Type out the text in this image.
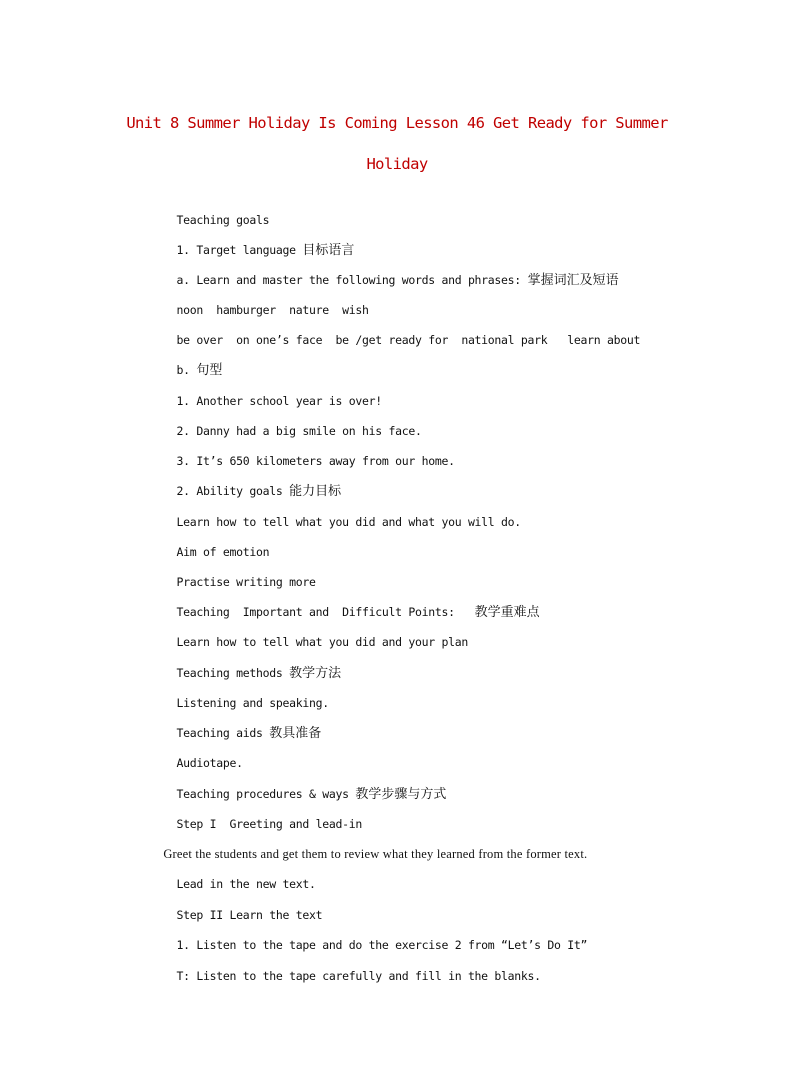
Unit 8 Summer Holiday Is Coming Lesson 46 Get Ready for Summer
Holiday

Teaching goals

1. Target language 目标语言

a. Learn and master the following words and phrases: 掌握词汇及短语

noon  hamburger  nature  wish

be over  on one’s face  be /get ready for  national park   learn about

b. 句型

1. Another school year is over!

2. Danny had a big smile on his face.

3. It’s 650 kilometers away from our home.

2. Ability goals 能力目标

Learn how to tell what you did and what you will do.

Aim of emotion

Practise writing more

Teaching  Important and  Difficult Points:   教学重难点

Learn how to tell what you did and your plan

Teaching methods 教学方法

Listening and speaking.

Teaching aids 教具准备

Audiotape.

Teaching procedures & ways 教学步骤与方式

Step I  Greeting and lead-in

Greet the students and get them to review what they learned from the former text.

Lead in the new text.

Step II Learn the text

1. Listen to the tape and do the exercise 2 from “Let’s Do It”

T: Listen to the tape carefully and fill in the blanks.
